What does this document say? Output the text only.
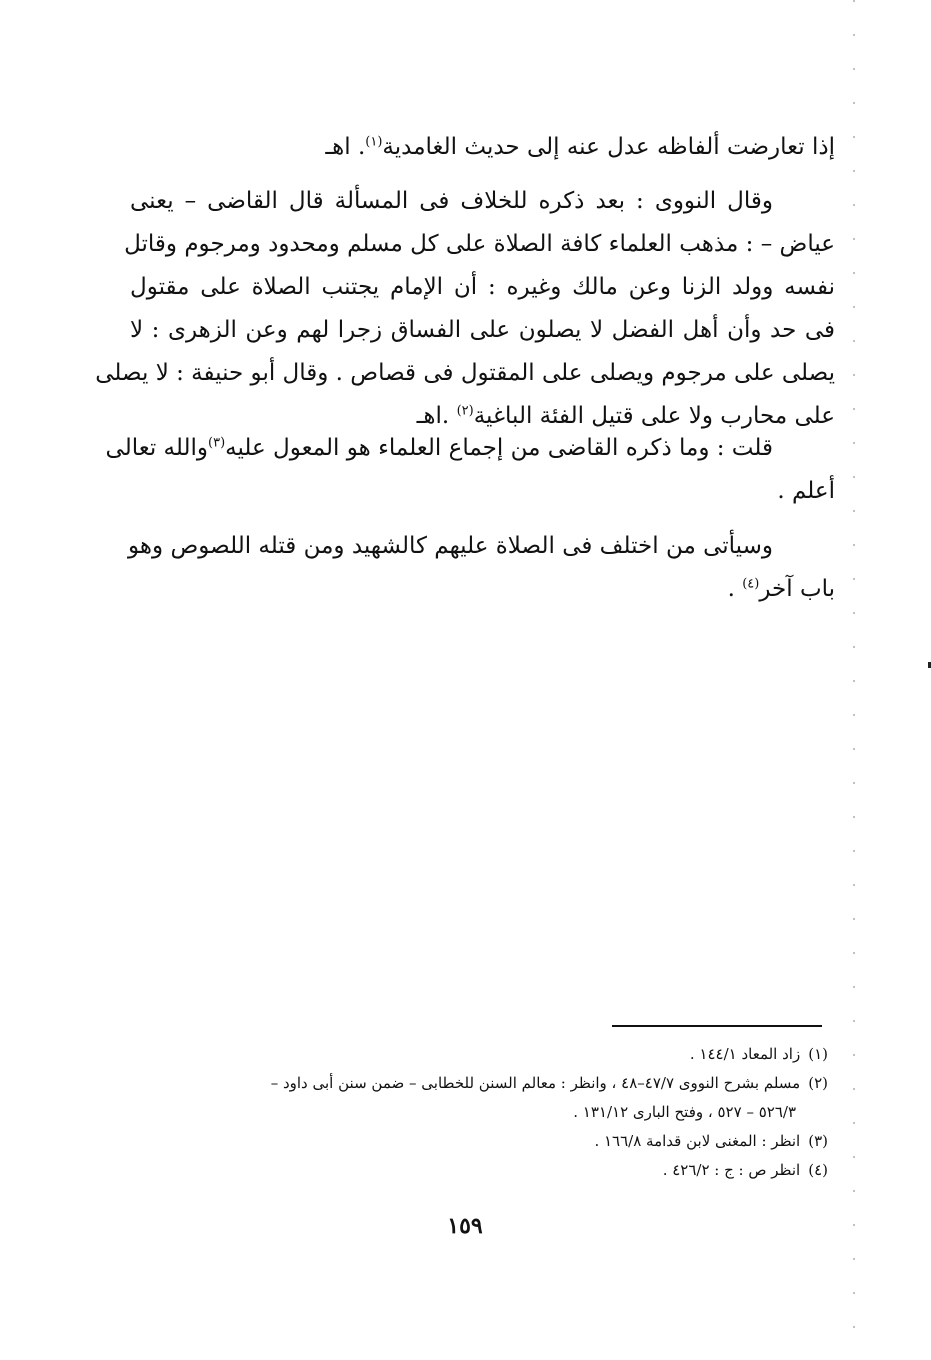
إذا تعارضت ألفاظه عدل عنه إلى حديث الغامدية$^{(١)}$. اهـ
وقال النووى : بعد ذكره للخلاف فى المسألة قال القاضى – يعنى
عياض – : مذهب العلماء كافة الصلاة على كل مسلم ومحدود ومرجوم وقاتل
نفسه وولد الزنا وعن مالك وغيره : أن الإمام يجتنب الصلاة على مقتول
فى حد وأن أهل الفضل لا يصلون على الفساق زجرا لهم وعن الزهرى : لا
يصلى على مرجوم ويصلى على المقتول فى قصاص . وقال أبو حنيفة : لا يصلى
على محارب ولا على قتيل الفئة الباغية$^{(٢)}$ .اهـ
قلت : وما ذكره القاضى من إجماع العلماء هو المعول عليه$^{(٣)}$والله تعالى
أعلم .
وسيأتى من اختلف فى الصلاة عليهم كالشهيد ومن قتله اللصوص وهو
باب آخر$^{(٤)}$ .
(١)زاد المعاد ١٤٤/١ .
(٢)مسلم بشرح النووى ٤٧/٧–٤٨ ، وانظر : معالم السنن للخطابى – ضمن سنن أبى داود –
٥٢٦/٣ – ٥٢٧ ، وفتح البارى ١٣١/١٢ .
(٣)انظر : المغنى لابن قدامة ١٦٦/٨ .
(٤)انظر ص : ج : ٤٢٦/٢ .
١٥٩
